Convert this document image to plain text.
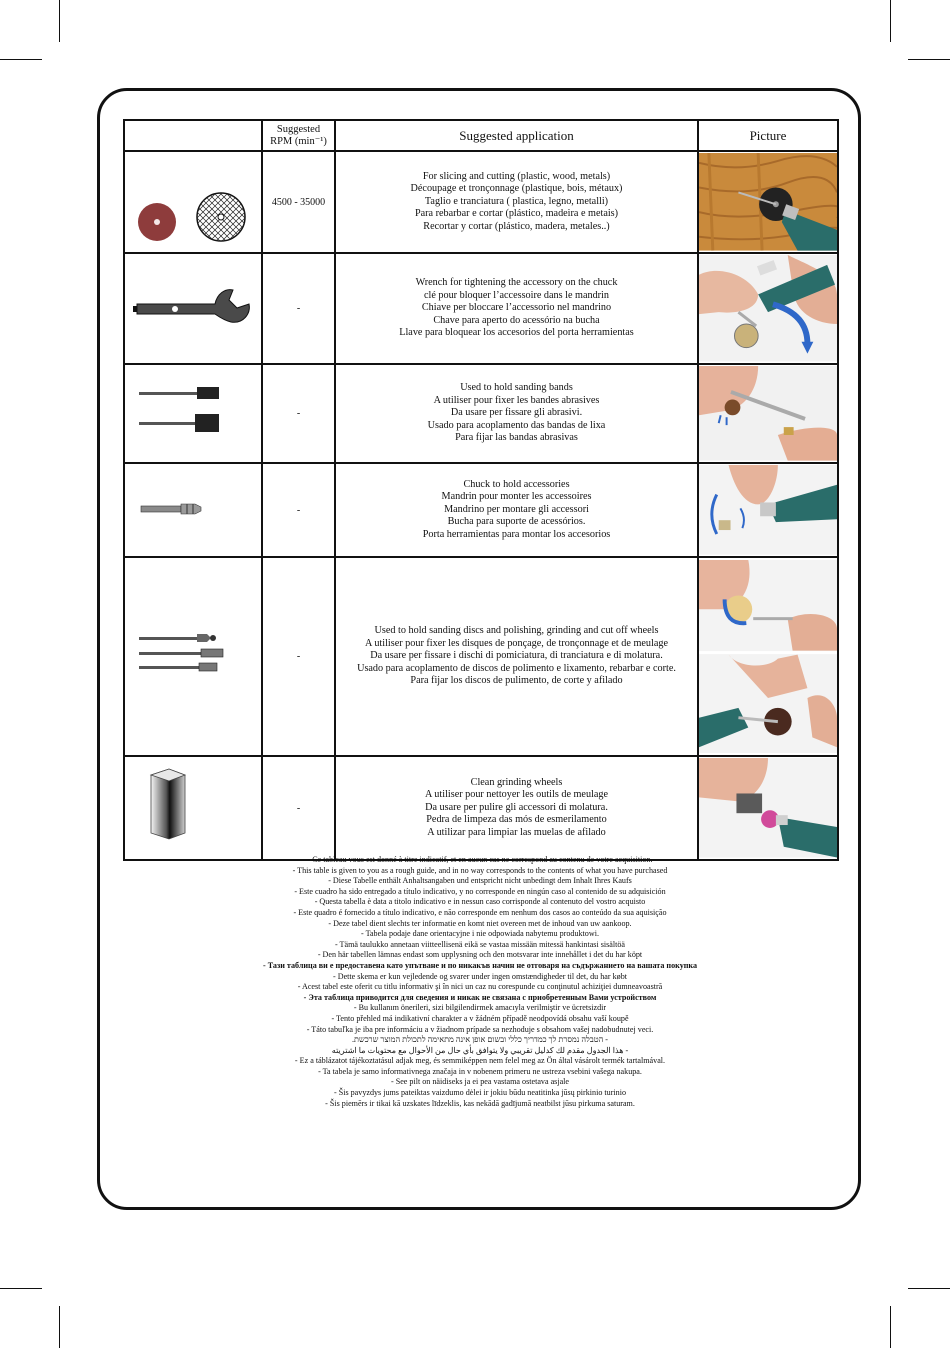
	Suggested
RPM (min⁻¹)	Suggested application	Picture
	4500 - 35000	For slicing and cutting (plastic, wood, metals)
Découpage et tronçonnage (plastique, bois, métaux)
Taglio e tranciatura ( plastica, legno, metalli)
Para rebarbar e cortar (plástico, madeira e metais)
Recortar y cortar (plástico, madera, metales..)

	-	Wrench for tightening the accessory on the chuck
clé pour bloquer l’accessoire dans le mandrin
Chiave per bloccare l’accessorio nel mandrino
Chave para aperto do acessório na bucha
Llave para bloquear los accesorios del porta herramientas

	-	Used to hold sanding bands
A utiliser pour fixer les bandes abrasives
Da usare per fissare gli abrasivi.
Usado para acoplamento das bandas de lixa
Para fijar las bandas abrasivas

	-	Chuck to hold accessories
Mandrin pour monter les accessoires
Mandrino per montare gli accessori
Bucha para suporte de acessórios.
Porta herramientas para montar los accesorios

	-	Used to hold sanding discs and polishing, grinding and cut off wheels
A utiliser pour fixer les disques de ponçage, de tronçonnage et de meulage
Da usare per fissare i dischi di pomiciatura, di tranciatura e di molatura.
Usado para acoplamento de discos de polimento e lixamento, rebarbar e corte.
Para fijar los discos de pulimento, de corte y afilado

	-	Clean grinding wheels
A utiliser pour nettoyer les outils de meulage
Da usare per pulire gli accessori di molatura.
Pedra de limpeza das mós de esmerilamento
A utilizar para limpiar las muelas de afilado

- Ce tableau vous est donné à titre indicatif, et en aucun cas ne correspond au contenu de votre acquisition.
- This table is given to you as a rough guide, and in no way corresponds to the contents of what you have purchased
- Diese Tabelle enthält Anhaltsangaben und entspricht nicht unbedingt dem Inhalt Ihres Kaufs
- Este cuadro ha sido entregado a título indicativo, y no corresponde en ningún caso al contenido de su adquisición
- Questa tabella è data a titolo indicativo e in nessun caso corrisponde al contenuto del vostro acquisto
- Este quadro é fornecido a título indicativo, e não corresponde em nenhum dos casos ao conteúdo da sua aquisição
- Deze tabel dient slechts ter informatie en komt niet overeen met de inhoud van uw aankoop.
- Tabela podaje dane orientacyjne i nie odpowiada nabytemu produktowi.
- Tämä taulukko annetaan viitteellisenä eikä se vastaa missään mitessä hankintasi sisältöä
- Den här tabellen lämnas endast som upplysning och den motsvarar inte innehållet i det du har köpt
- Тази таблица ви е предоставена като упътване и по никакъв начин не отговаря на съдържанието на вашата покупка
- Dette skema er kun vejledende og svarer under ingen omstændigheder til det, du har købt
- Acest tabel este oferit cu titlu informativ şi în nici un caz nu corespunde cu conţinutul achiziţiei dumneavoastră
- Эта таблица приводится для сведения и никак не связана с приобретенным Вами устройством
- Bu kullanım önerileri, sizi bilgilendirmek amacıyla verilmiştir ve ücretsizdir
- Tento přehled má indikativní charakter a v žádném případě neodpovídá obsahu vaší koupě
- Táto tabuľka je iba pre informáciu a v žiadnom prípade sa nezhoduje s obsahom vašej nadobudnutej veci.
- הטבלה נמסרת לך כמדריך כללי ובשום אופן אינה מתאימה לתכולת המוצר שרכשת.
- هذا الجدول مقدم لك كدليل تقريبي ولا يتوافق بأي حال من الأحوال مع محتويات ما اشتريته
- Ez a táblázatot tájékoztatásul adjak meg, és semmiképpen nem felel meg az Ön által vásárolt termék tartalmával.
- Ta tabela je samo informativnega značaja in v nobenem primeru ne ustreza vsebini vašega nakupa.
- See pilt on näidiseks ja ei pea vastama ostetava asjale
- Šis pavyzdys jums pateiktas vaizdumo dėlei ir jokiu būdu neatitinka jūsų pirkinio turinio
- Šis piemērs ir tikai kā uzskates līdzeklis, kas nekādā gadījumā neatbilst jūsu pirkuma saturam.
